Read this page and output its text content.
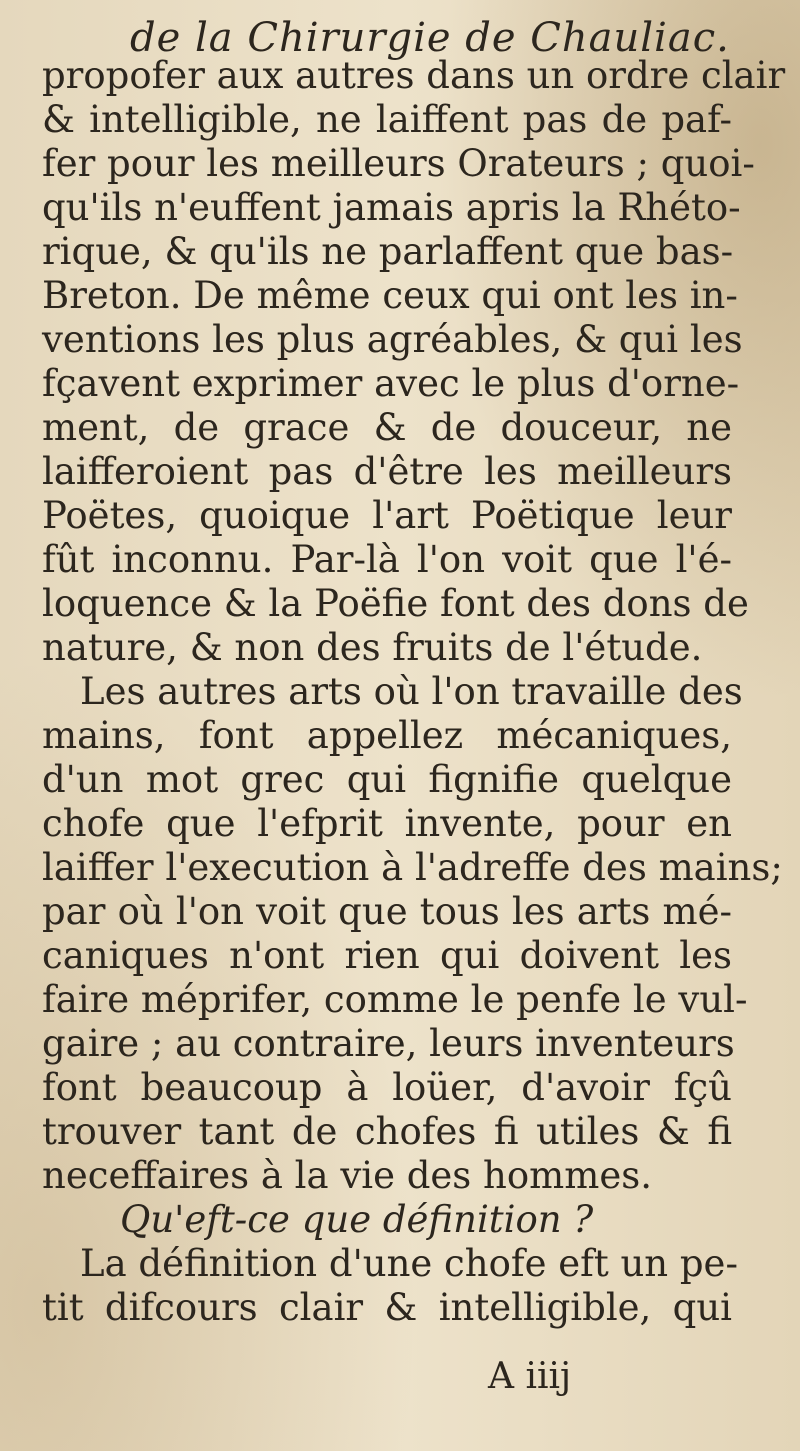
de la Chirurgie de Chauliac.
propofer aux autres dans un ordre clair
& intelligible, ne laiffent pas de paf-
fer pour les meilleurs Orateurs ; quoi-
qu'ils n'euffent jamais apris la Rhéto-
rique, & qu'ils ne parlaffent que bas-
Breton. De même ceux qui ont les in-
ventions les plus agréables, & qui les
fçavent exprimer avec le plus d'orne-
ment, de grace & de douceur, ne
laifferoient pas d'être les meilleurs
Poëtes, quoique l'art Poëtique leur
fût inconnu. Par-là l'on voit que l'é-
loquence & la Poëfie font des dons de
nature, & non des fruits de l'étude.
Les autres arts où l'on travaille des
mains, font appellez mécaniques,
d'un mot grec qui fignifie quelque
chofe que l'efprit invente, pour en
laiffer l'execution à l'adreffe des mains;
par où l'on voit que tous les arts mé-
caniques n'ont rien qui doivent les
faire méprifer, comme le penfe le vul-
gaire ; au contraire, leurs inventeurs
font beaucoup à loüer, d'avoir fçû
trouver tant de chofes fi utiles & fi
neceffaires à la vie des hommes.
Qu'eft-ce que définition ?
La définition d'une chofe eft un pe-
tit difcours clair & intelligible, qui
A iiij
